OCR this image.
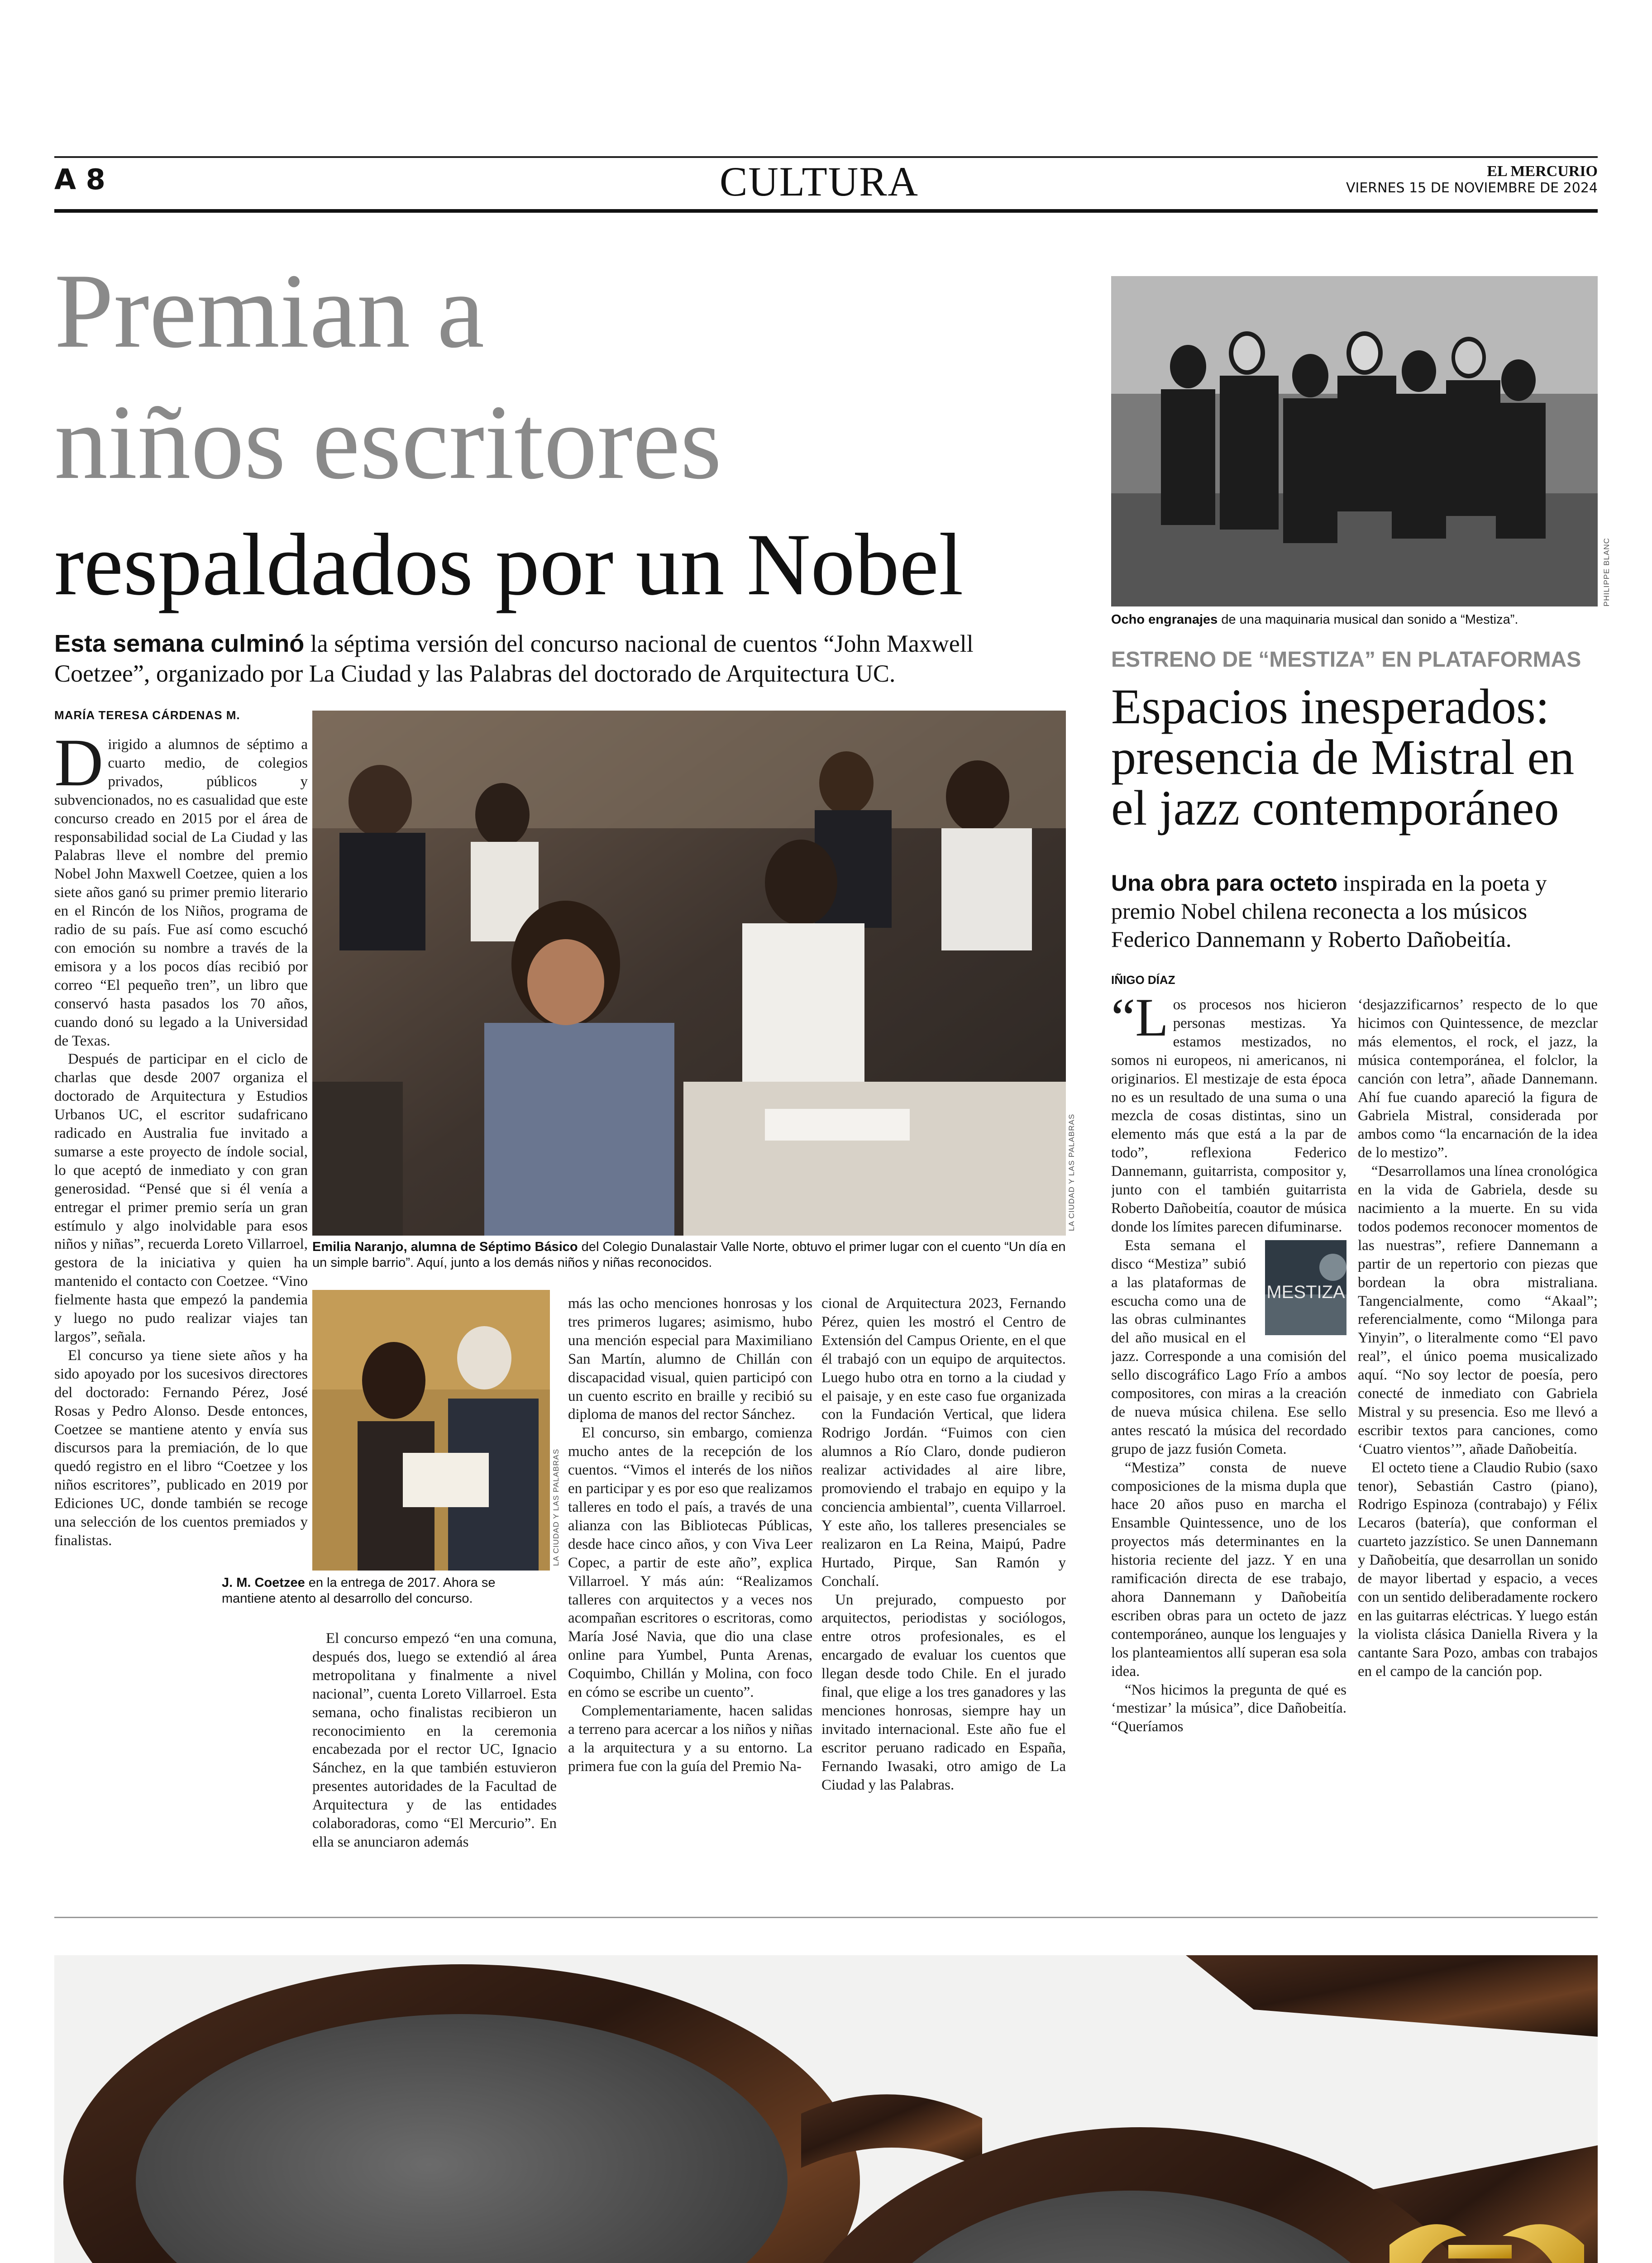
A 8	CULTURA	EL MERCURIO
VIERNES 15 DE NOVIEMBRE DE 2024
Premian a
niños escritores
respaldados por un Nobel
Esta semana culminó la séptima versión del concurso nacional de cuentos “John Maxwell Coetzee”, organizado por La Ciudad y las Palabras del doctorado de Arquitectura UC.
MARÍA TERESA CÁRDENAS M.
D irigido a alumnos de séptimo a cuarto medio, de colegios privados, públicos y subvencionados, no es casualidad que este concurso creado en 2015 por el área de responsabilidad social de La Ciudad y las Palabras lleve el nombre del premio Nobel John Maxwell Coetzee, quien a los siete años ganó su primer premio literario en el Rincón de los Niños, programa de radio de su país. Fue así como escuchó con emoción su nombre a través de la emisora y a los pocos días recibió por correo “El pequeño tren”, un libro que conservó hasta pasados los 70 años, cuando donó su legado a la Universidad de Texas.

Después de participar en el ciclo de charlas que desde 2007 organiza el doctorado de Arquitectura y Estudios Urbanos UC, el escritor sudafricano radicado en Australia fue invitado a sumarse a este proyecto de índole social, lo que aceptó de inmediato y con gran generosidad. “Pensé que si él venía a entregar el primer premio sería un gran estímulo y algo inolvidable para esos niños y niñas”, recuerda Loreto Villarroel, gestora de la iniciativa y quien ha mantenido el contacto con Coetzee. “Vino fielmente hasta que empezó la pandemia y luego no pudo realizar viajes tan largos”, señala.

El concurso ya tiene siete años y ha sido apoyado por los sucesivos directores del doctorado: Fernando Pérez, José Rosas y Pedro Alonso. Desde entonces, Coetzee se mantiene atento y envía sus discursos para la premiación, de lo que quedó registro en el libro “Coetzee y los niños escritores”, publicado en 2019 por Ediciones UC, donde también se recoge una selección de los cuentos premiados y finalistas.

LA CIUDAD Y LAS PALABRAS
Emilia Naranjo, alumna de Séptimo Básico del Colegio Dunalastair Valle Norte, obtuvo el primer lugar con el cuento “Un día en un simple barrio”. Aquí, junto a los demás niños y niñas reconocidos.
LA CIUDAD Y LAS PALABRAS
J. M. Coetzee en la entrega de 2017. Ahora se mantiene atento al desarrollo del concurso.
El concurso empezó “en una comuna, después dos, luego se extendió al área metropolitana y finalmente a nivel nacional”, cuenta Loreto Villarroel. Esta semana, ocho finalistas recibieron un reconocimiento en la ceremonia encabezada por el rector UC, Ignacio Sánchez, en la que también estuvieron presentes autoridades de la Facultad de Arquitectura y de las entidades colaboradoras, como “El Mercurio”. En ella se anunciaron además

más las ocho menciones honrosas y los tres primeros lugares; asimismo, hubo una mención especial para Maximiliano San Martín, alumno de Chillán con discapacidad visual, quien participó con un cuento escrito en braille y recibió su diploma de manos del rector Sánchez.

El concurso, sin embargo, comienza mucho antes de la recepción de los cuentos. “Vimos el interés de los niños en participar y es por eso que realizamos talleres en todo el país, a través de una alianza con las Bibliotecas Públicas, desde hace cinco años, y con Viva Leer Copec, a partir de este año”, explica Villarroel. Y más aún: “Realizamos talleres con arquitectos y a veces nos acompañan escritores o escritoras, como María José Navia, que dio una clase online para Yumbel, Punta Arenas, Coquimbo, Chillán y Molina, con foco en cómo se escribe un cuento”.

Complementariamente, hacen salidas a terreno para acercar a los niños y niñas a la arquitectura y a su entorno. La primera fue con la guía del Premio Na-

cional de Arquitectura 2023, Fernando Pérez, quien les mostró el Centro de Extensión del Campus Oriente, en el que él trabajó con un equipo de arquitectos. Luego hubo otra en torno a la ciudad y el paisaje, y en este caso fue organizada con la Fundación Vertical, que lidera Rodrigo Jordán. “Fuimos con cien alumnos a Río Claro, donde pudieron realizar actividades al aire libre, promoviendo el trabajo en equipo y la conciencia ambiental”, cuenta Villarroel. Y este año, los talleres presenciales se realizaron en La Reina, Maipú, Padre Hurtado, Pirque, San Ramón y Conchalí.

Un prejurado, compuesto por arquitectos, periodistas y sociólogos, entre otros profesionales, es el encargado de evaluar los cuentos que llegan desde todo Chile. En el jurado final, que elige a los tres ganadores y las menciones honrosas, siempre hay un invitado internacional. Este año fue el escritor peruano radicado en España, Fernando Iwasaki, otro amigo de La Ciudad y las Palabras.

PHILIPPE BLANC
Ocho engranajes de una maquinaria musical dan sonido a “Mestiza”.
ESTRENO DE “MESTIZA” EN PLATAFORMAS
Espacios inesperados: presencia de Mistral en el jazz contemporáneo
Una obra para octeto inspirada en la poeta y premio Nobel chilena reconecta a los músicos Federico Dannemann y Roberto Dañobeitía.
IÑIGO DÍAZ
“L os procesos nos hicieron personas mestizas. Ya estamos mestizados, no somos ni europeos, ni americanos, ni originarios. El mestizaje de esta época no es un resultado de una suma o una mezcla de cosas distintas, sino un elemento más que está a la par de todo”, reflexiona Federico Dannemann, guitarrista, compositor y, junto con el también guitarrista Roberto Dañobeitía, coautor de música donde los límites parecen difuminarse.

MESTIZA
Esta semana el disco “Mestiza” subió a las plataformas de escucha como una de las obras culminantes del año musical en el jazz. Corresponde a una comisión del sello discográfico Lago Frío a ambos compositores, con miras a la creación de nueva música chilena. Ese sello antes rescató la música del recordado grupo de jazz fusión Cometa.

“Mestiza” consta de nueve composiciones de la misma dupla que hace 20 años puso en marcha el Ensamble Quintessence, uno de los proyectos más determinantes en la historia reciente del jazz. Y en una ramificación directa de ese trabajo, ahora Dannemann y Dañobeitía escriben obras para un octeto de jazz contemporáneo, aunque los lenguajes y los planteamientos allí superan esa sola idea.

“Nos hicimos la pregunta de qué es ‘mestizar’ la música”, dice Dañobeitía. “Queríamos

‘desjazzificarnos’ respecto de lo que hicimos con Quintessence, de mezclar más elementos, el rock, el jazz, la música contemporánea, el folclor, la canción con letra”, añade Dannemann. Ahí fue cuando apareció la figura de Gabriela Mistral, considerada por ambos como “la encarnación de la idea de lo mestizo”.

“Desarrollamos una línea cronológica en la vida de Gabriela, desde su nacimiento a la muerte. En su vida todos podemos reconocer momentos de las nuestras”, refiere Dannemann a partir de un repertorio con piezas que bordean la obra mistraliana. Tangencialmente, como “Akaal”; referencialmente, como “Milonga para Yinyin”, o literalmente como “El pavo real”, el único poema musicalizado aquí. “No soy lector de poesía, pero conecté de inmediato con Gabriela Mistral y su presencia. Eso me llevó a escribir textos para canciones, como ‘Cuatro vientos’”, añade Dañobeitía.

El octeto tiene a Claudio Rubio (saxo tenor), Sebastián Castro (piano), Rodrigo Espinoza (contrabajo) y Félix Lecaros (batería), que conforman el cuarteto jazzístico. Se unen Dannemann y Dañobeitía, que desarrollan un sonido de mayor libertad y espacio, a veces con un sentido deliberadamente rockero en las guitarras eléctricas. Y luego están la violista clásica Daniella Rivera y la cantante Sara Pozo, ambas con trabajos en el campo de la canción pop.
